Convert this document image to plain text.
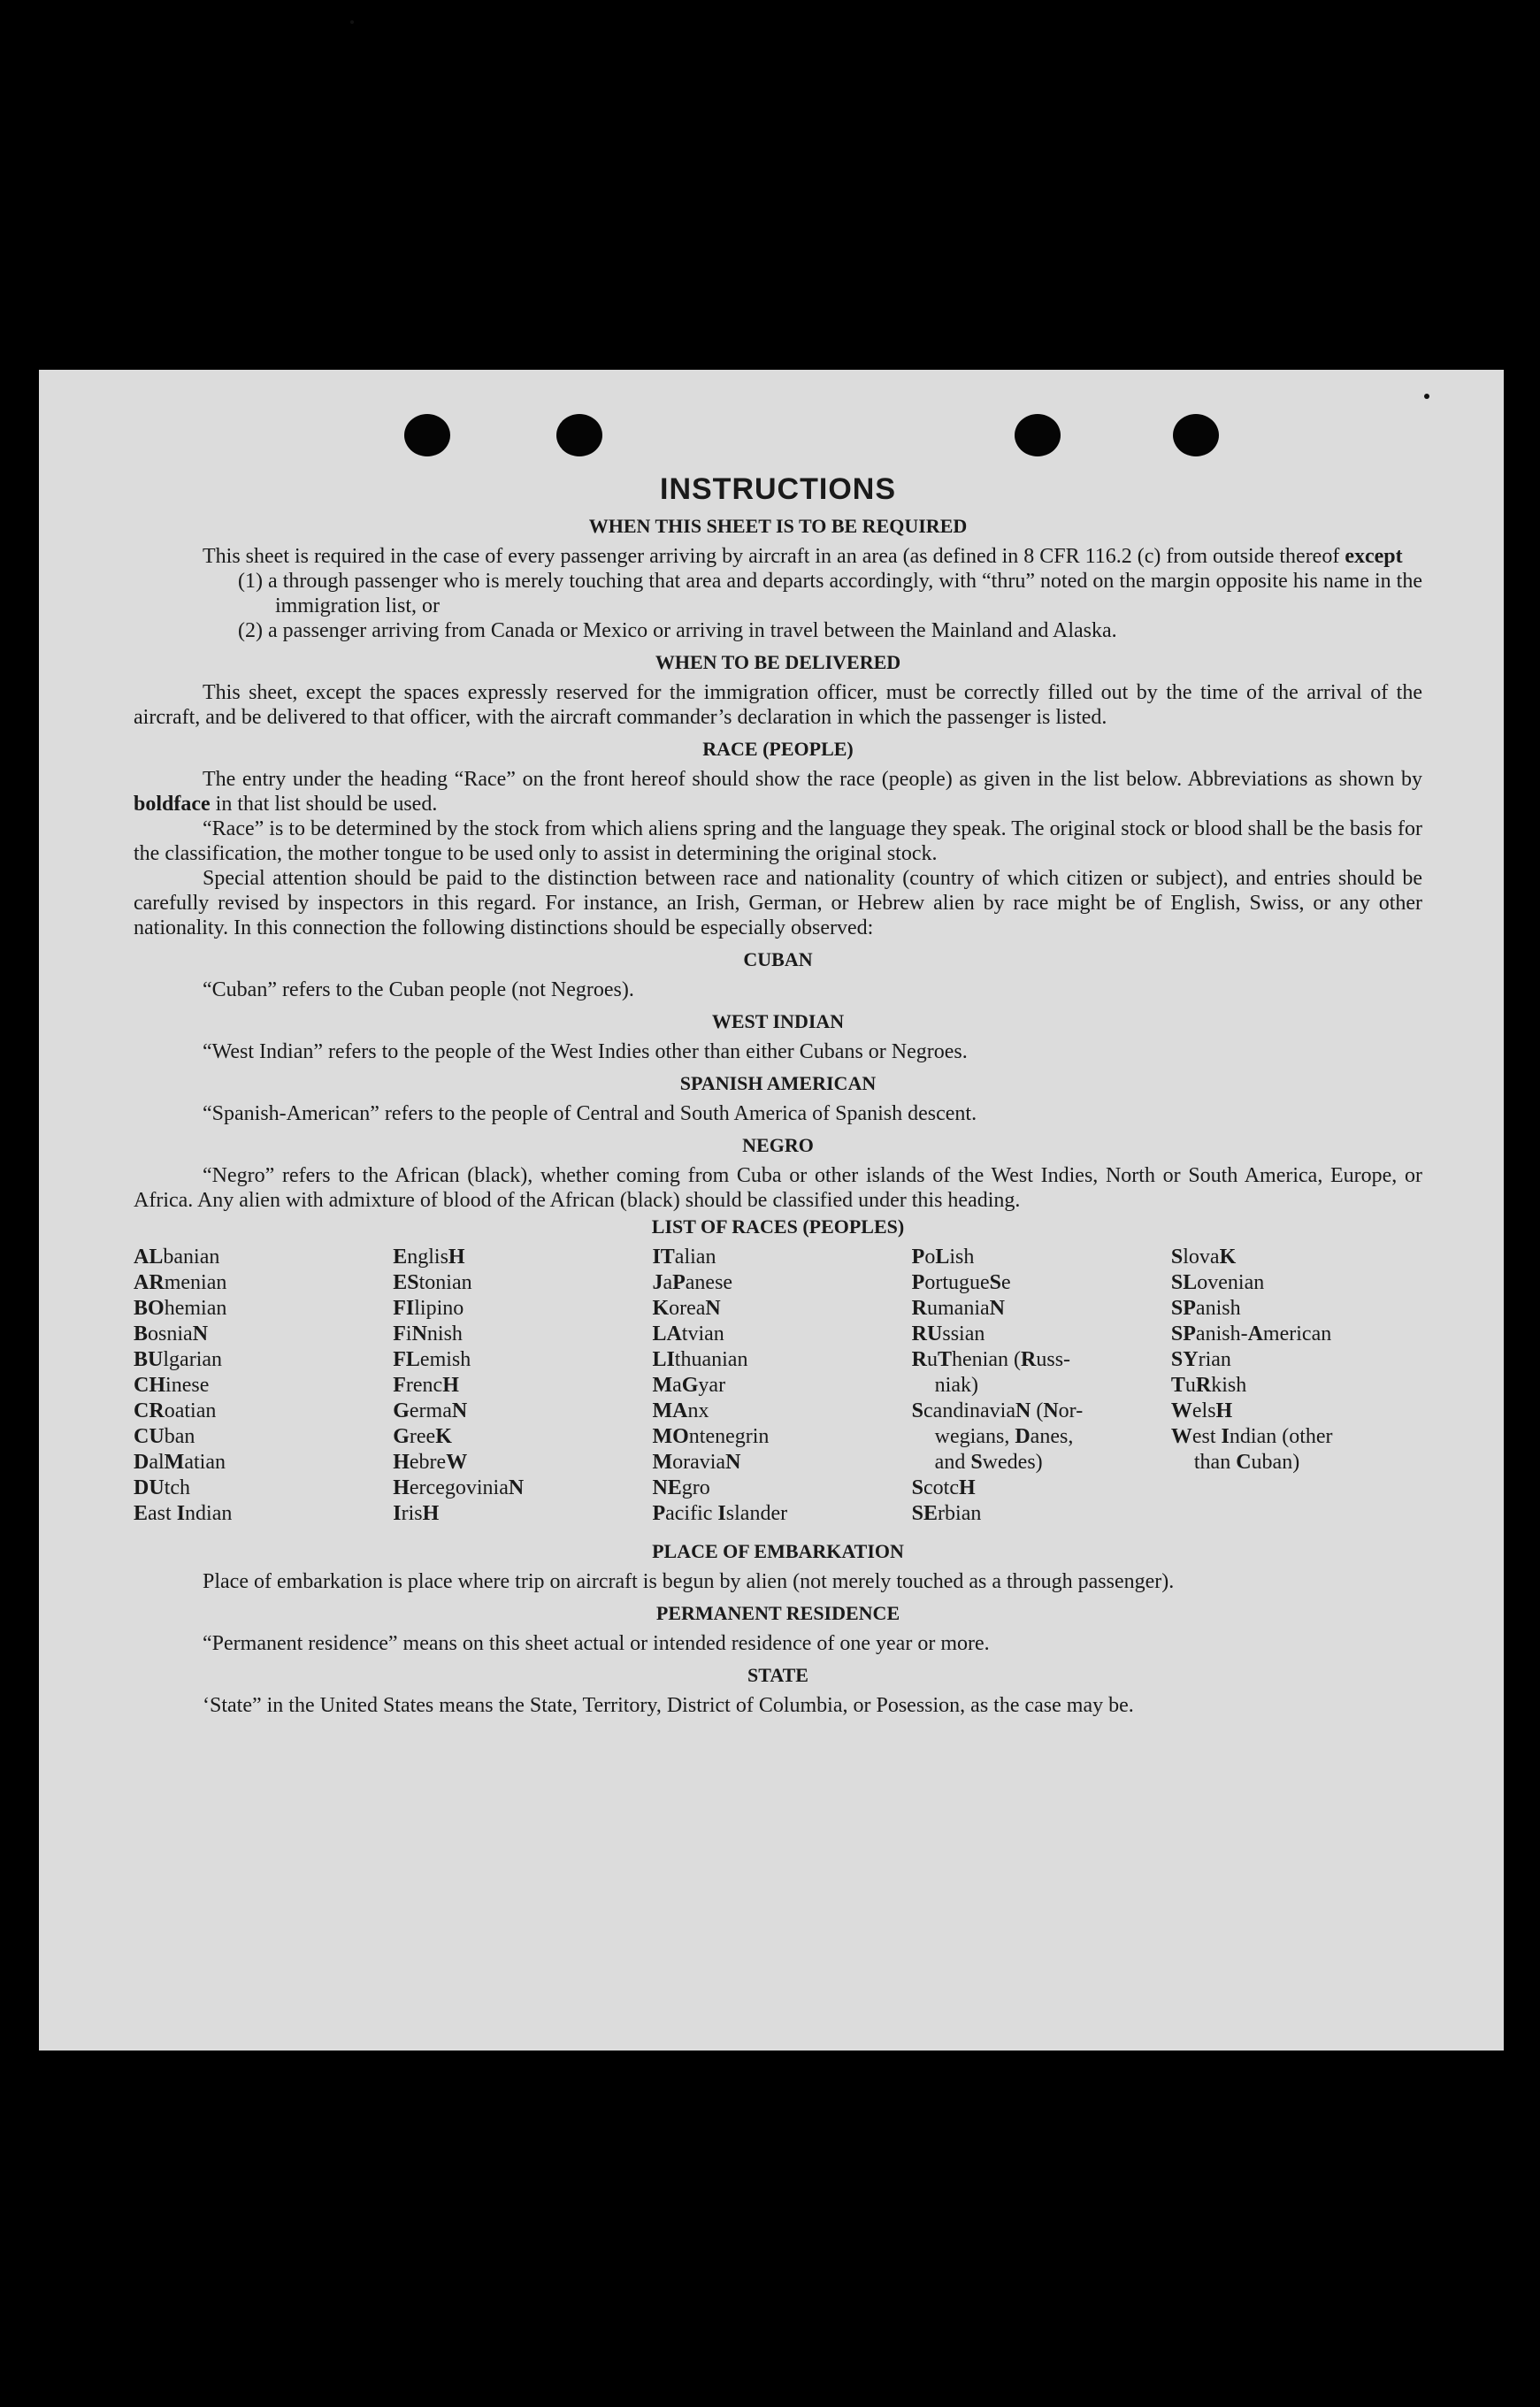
INSTRUCTIONS
WHEN THIS SHEET IS TO BE REQUIRED

This sheet is required in the case of every passenger arriving by aircraft in an area (as defined in 8 CFR 116.2 (c) from outside thereof except

(1) a through passenger who is merely touching that area and departs accordingly, with “thru” noted on the margin opposite his name in the immigration list, or

(2) a passenger arriving from Canada or Mexico or arriving in travel between the Mainland and Alaska.

WHEN TO BE DELIVERED

This sheet, except the spaces expressly reserved for the immigration officer, must be correctly filled out by the time of the arrival of the aircraft, and be delivered to that officer, with the aircraft commander’s declaration in which the passenger is listed.

RACE (PEOPLE)

The entry under the heading “Race” on the front hereof should show the race (people) as given in the list below. Abbreviations as shown by boldface in that list should be used.

“Race” is to be determined by the stock from which aliens spring and the language they speak. The original stock or blood shall be the basis for the classification, the mother tongue to be used only to assist in determining the original stock.

Special attention should be paid to the distinction between race and nationality (country of which citizen or subject), and entries should be carefully revised by inspectors in this regard. For instance, an Irish, German, or Hebrew alien by race might be of English, Swiss, or any other nationality. In this connection the following distinctions should be especially observed:

CUBAN

“Cuban” refers to the Cuban people (not Negroes).

WEST INDIAN

“West Indian” refers to the people of the West Indies other than either Cubans or Negroes.

SPANISH AMERICAN

“Spanish-American” refers to the people of Central and South America of Spanish descent.

NEGRO

“Negro” refers to the African (black), whether coming from Cuba or other islands of the West Indies, North or South America, Europe, or Africa. Any alien with admixture of blood of the African (black) should be classified under this heading.

LIST OF RACES (PEOPLES)
ALbanian
ARmenian
BOhemian
BosniaN
BUlgarian
CHinese
CRoatian
CUban
DalMatian
DUtch
East Indian
EnglisH
EStonian
FIlipino
FiNnish
FLemish
FrencH
GermaN
GreeK
HebreW
HercegoviniaN
IrisH
ITalian
JaPanese
KoreaN
LAtvian
LIthuanian
MaGyar
MAnx
MOntenegrin
MoraviaN
NEgro
Pacific Islander
PoLish
PortugueSe
RumaniaN
RUssian
RuThenian (Russ-
niak)
ScandinaviaN (Nor-
wegians, Danes,
and Swedes)
ScotcH
SErbian
SlovaK
SLovenian
SPanish
SPanish-American
SYrian
TuRkish
WelsH
West Indian (other
than Cuban)
PLACE OF EMBARKATION

Place of embarkation is place where trip on aircraft is begun by alien (not merely touched as a through passenger).

PERMANENT RESIDENCE

“Permanent residence” means on this sheet actual or intended residence of one year or more.

STATE

‘State” in the United States means the State, Territory, District of Columbia, or Posession, as the case may be.
